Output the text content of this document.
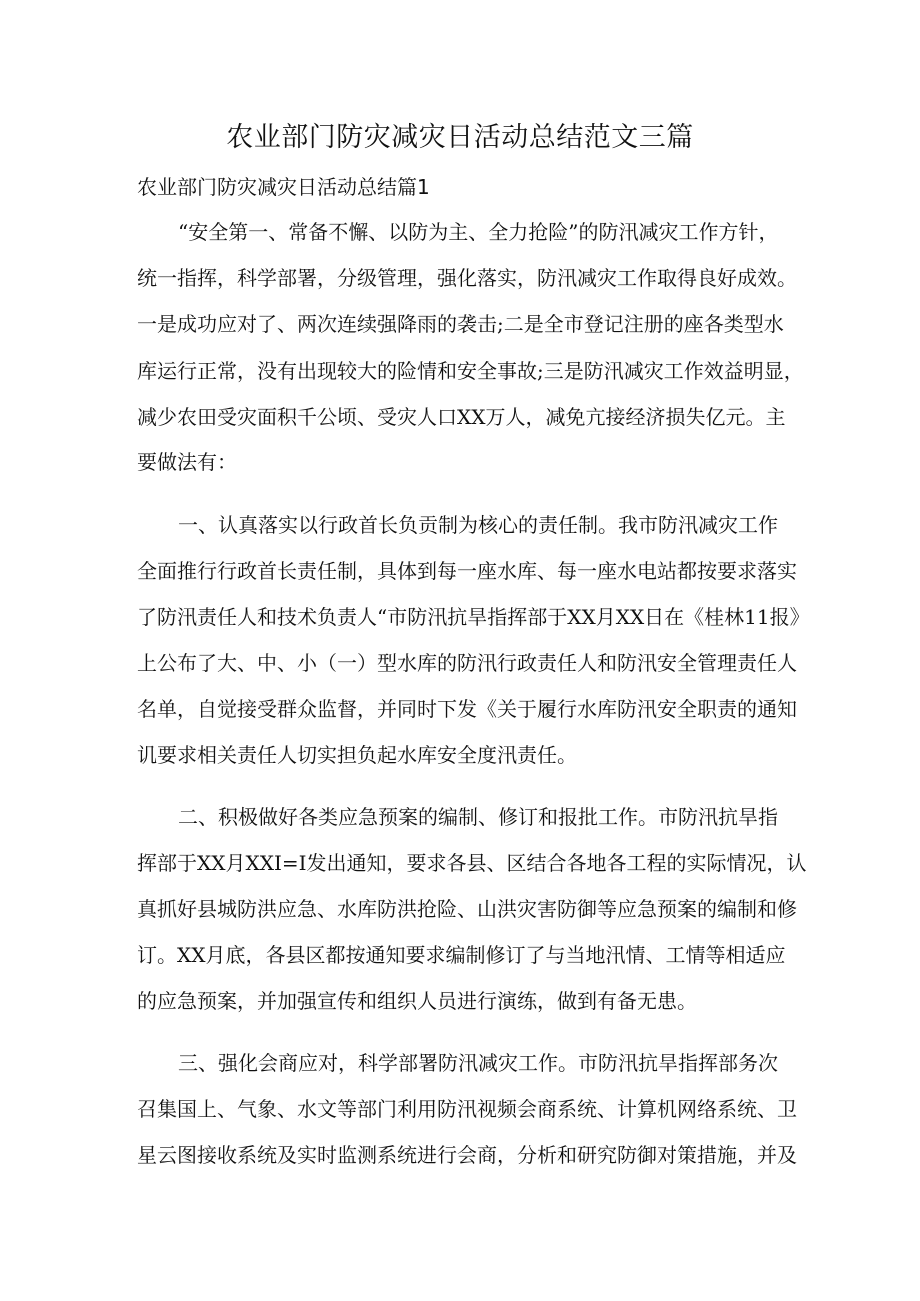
农业部门防灾减灾日活动总结范文三篇
农业部门防灾减灾日活动总结篇1
“安全第一、常备不懈、以防为主、全力抢险”的防汛减灾工作方针，
统一指挥，科学部署，分级管理，强化落实，防汛减灾工作取得良好成效。
一是成功应对了、两次连续强降雨的袭击;二是全市登记注册的座各类型水
库运行正常，没有出现较大的险情和安全事故;三是防汛减灾工作效益明显，
减少农田受灾面积千公顷、受灾人口XX万人，减免亢接经济损失亿元。主
要做法有：
一、认真落实以行政首长负贡制为核心的责任制。我市防汛减灾工作
全面推行行政首长责任制，具体到每一座水库、每一座水电站都按要求落实
了防汛责任人和技术负责人“市防汛抗旱指挥部于XX月XX日在《桂林11报》
上公布了大、中、小（一）型水库的防汛行政责任人和防汛安全管理责任人
名单，自觉接受群众监督，并同时下发《关于履行水库防汛安全职责的通知
讥要求相关责任人切实担负起水库安全度汛责任。
二、积极做好各类应急预案的编制、修订和报批工作。市防汛抗旱指
挥部于XX月XXI=I发出通知，要求各县、区结合各地各工程的实际情况，认
真抓好县城防洪应急、水库防洪抢险、山洪灾害防御等应急预案的编制和修
订。XX月底，各县区都按通知要求编制修订了与当地汛情、工情等相适应
的应急预案，并加强宣传和组织人员进行演练，做到有备无患。
三、强化会商应对，科学部署防汛减灾工作。市防汛抗旱指挥部务次
召集国上、气象、水文等部门利用防汛视频会商系统、计算机网络系统、卫
星云图接收系统及实时监测系统进行会商，分析和研究防御对策措施，并及
